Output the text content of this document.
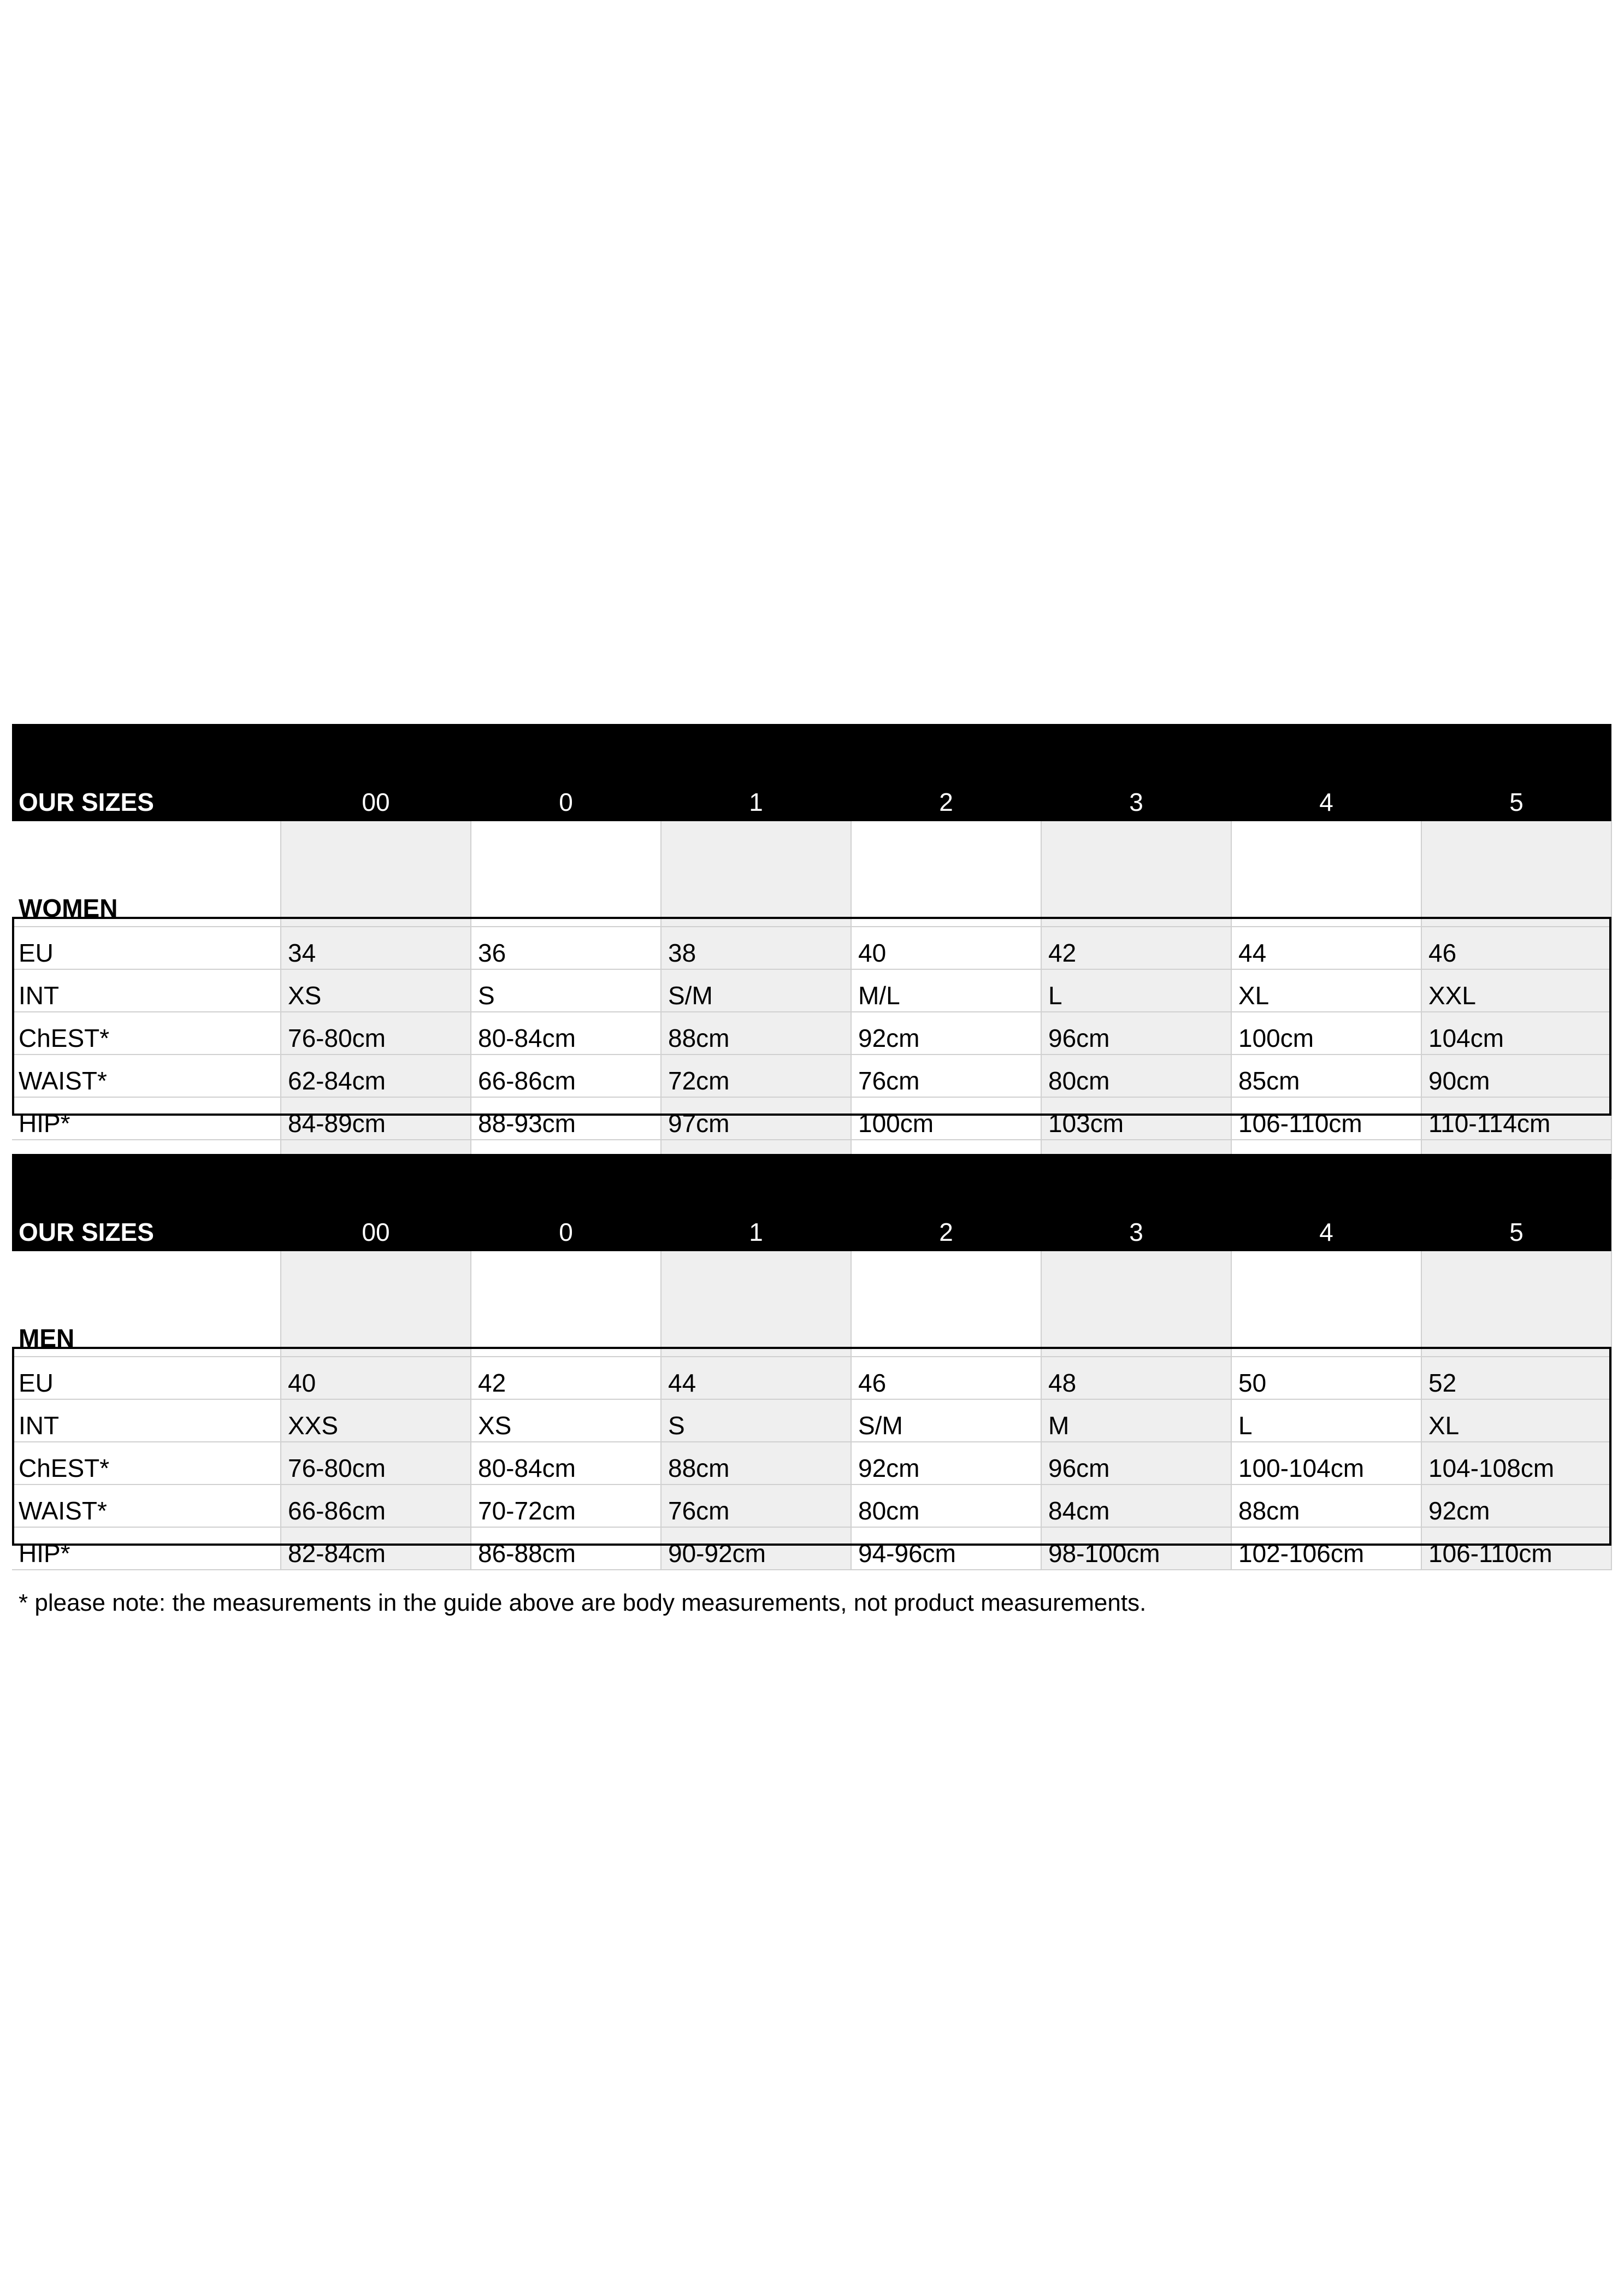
OUR SIZES	00	0	1	2	3	4	5
WOMEN							
EU	34	36	38	40	42	44	46
INT	XS	S	S/M	M/L	L	XL	XXL
ChEST*	76-80cm	80-84cm	88cm	92cm	96cm	100cm	104cm
WAIST*	62-84cm	66-86cm	72cm	76cm	80cm	85cm	90cm
HIP*	84-89cm	88-93cm	97cm	100cm	103cm	106-110cm	110-114cm

OUR SIZES	00	0	1	2	3	4	5
MEN							
EU	40	42	44	46	48	50	52
INT	XXS	XS	S	S/M	M	L	XL
ChEST*	76-80cm	80-84cm	88cm	92cm	96cm	100-104cm	104-108cm
WAIST*	66-86cm	70-72cm	76cm	80cm	84cm	88cm	92cm
HIP*	82-84cm	86-88cm	90-92cm	94-96cm	98-100cm	102-106cm	106-110cm
* please note: the measurements in the guide above are body measurements, not product measurements.
